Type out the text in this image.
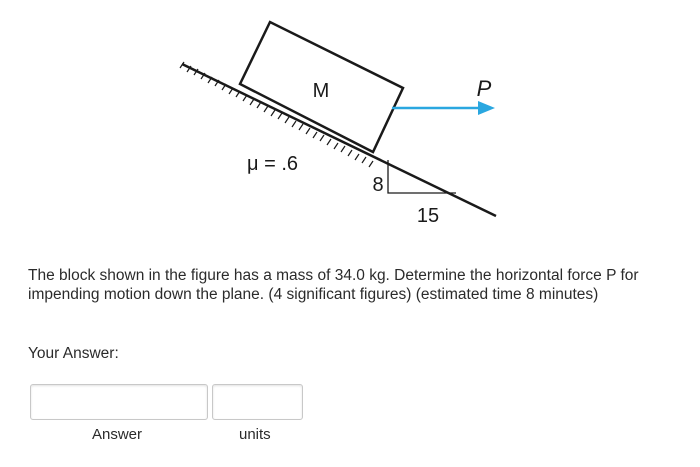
M	P
μ = .6
8
15

The block shown in the figure has a mass of 34.0 kg. Determine the horizontal force P for impending motion down the plane. (4 significant figures) (estimated time 8 minutes)

Your Answer:

Answer	units
